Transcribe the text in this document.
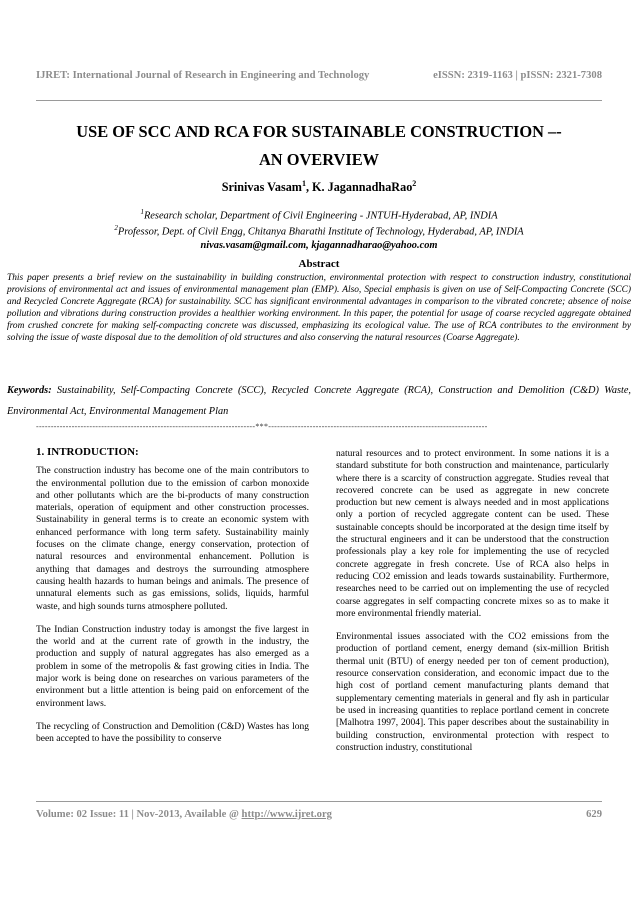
IJRET: International Journal of Research in Engineering and Technology	eISSN: 2319-1163 | pISSN: 2321-7308
USE OF SCC AND RCA FOR SUSTAINABLE CONSTRUCTION –-
AN OVERVIEW
Srinivas Vasam$^1$, K. JagannadhaRao$^2$
$^1$Research scholar, Department of Civil Engineering - JNTUH-Hyderabad, AP, INDIA
$^2$Professor, Dept. of Civil Engg, Chitanya Bharathi Institute of Technology, Hyderabad, AP, INDIA
nivas.vasam@gmail.com, kjagannadharao@yahoo.com
Abstract
This paper presents a brief review on the sustainability in building construction, environmental protection with respect to construction industry, constitutional provisions of environmental act and issues of environmental management plan (EMP). Also, Special emphasis is given on use of Self-Compacting Concrete (SCC) and Recycled Concrete Aggregate (RCA) for sustainability. SCC has significant environmental advantages in comparison to the vibrated concrete; absence of noise pollution and vibrations during construction provides a healthier working environment. In this paper, the potential for usage of coarse recycled aggregate obtained from crushed concrete for making self-compacting concrete was discussed, emphasizing its ecological value. The use of RCA contributes to the environment by solving the issue of waste disposal due to the demolition of old structures and also conserving the natural resources (Coarse Aggregate).
Keywords: Sustainability, Self-Compacting Concrete (SCC), Recycled Concrete Aggregate (RCA), Construction and Demolition (C&D) Waste, Environmental Act, Environmental Management Plan
--------------------------------------------------------------------------***--------------------------------------------------------------------------
1. INTRODUCTION:

The construction industry has become one of the main contributors to the environmental pollution due to the emission of carbon monoxide and other pollutants which are the bi-products of many construction materials, operation of equipment and other construction processes. Sustainability in general terms is to create an economic system with enhanced performance with long term safety. Sustainability mainly focuses on the climate change, energy conservation, protection of natural resources and environmental enhancement. Pollution is anything that damages and destroys the surrounding atmosphere causing health hazards to human beings and animals. The presence of unnatural elements such as gas emissions, solids, liquids, harmful waste, and high sounds turns atmosphere polluted.

The Indian Construction industry today is amongst the five largest in the world and at the current rate of growth in the industry, the production and supply of natural aggregates has also emerged as a problem in some of the metropolis & fast growing cities in India. The major work is being done on researches on various parameters of the environment but a little attention is being paid on enforcement of the environment laws.

The recycling of Construction and Demolition (C&D) Wastes has long been accepted to have the possibility to conserve

natural resources and to protect environment. In some nations it is a standard substitute for both construction and maintenance, particularly where there is a scarcity of construction aggregate. Studies reveal that recovered concrete can be used as aggregate in new concrete production but new cement is always needed and in most applications only a portion of recycled aggregate content can be used. These sustainable concepts should be incorporated at the design time itself by the structural engineers and it can be understood that the construction professionals play a key role for implementing the use of recycled concrete aggregate in fresh concrete. Use of RCA also helps in reducing CO2 emission and leads towards sustainability. Furthermore, researches need to be carried out on implementing the use of recycled coarse aggregates in self compacting concrete mixes so as to make it more environmental friendly material.

Environmental issues associated with the CO2 emissions from the production of portland cement, energy demand (six-million British thermal unit (BTU) of energy needed per ton of cement production), resource conservation consideration, and economic impact due to the high cost of portland cement manufacturing plants demand that supplementary cementing materials in general and fly ash in particular be used in increasing quantities to replace portland cement in concrete [Malhotra 1997, 2004]. This paper describes about the sustainability in building construction, environmental protection with respect to construction industry, constitutional

Volume: 02 Issue: 11 | Nov-2013, Available @ http://www.ijret.org	629
